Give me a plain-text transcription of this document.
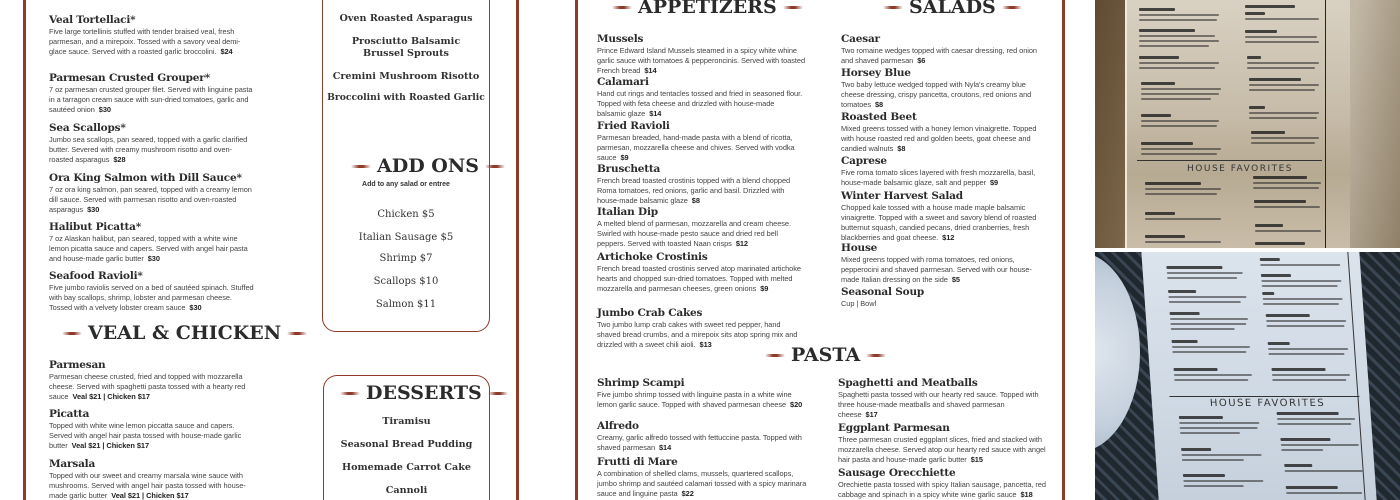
Veal Tortellaci*
Five large tortellinis stuffed with tender braised veal, fresh parmesan, and a mirepoix. Tossed with a savory veal demi-glace sauce. Served with a roasted garlic broccolini. $24
Parmesan Crusted Grouper*
7 oz parmesan crusted grouper filet. Served with linguine pasta in a tarragon cream sauce with sun-dried tomatoes, garlic and sautéed onion $30
Sea Scallops*
Jumbo sea scallops, pan seared, topped with a garlic clarified butter. Severed with creamy mushroom risotto and oven-roasted asparagus $28
Ora King Salmon with Dill Sauce*
7 oz ora king salmon, pan seared, topped with a creamy lemon dill sauce. Served with parmesan risotto and oven-roasted asparagus $30
Halibut Picatta*
7 oz Alaskan halibut, pan seared, topped with a white wine lemon picatta sauce and capers. Served with angel hair pasta and house-made garlic butter $30
Seafood Ravioli*
Five jumbo raviolis served on a bed of sautéed spinach. Stuffed with bay scallops, shrimp, lobster and parmesan cheese. Tossed with a velvety lobster cream sauce $30
VEAL & CHICKEN
Parmesan
Parmesan cheese crusted, fried and topped with mozzarella cheese. Served with spaghetti pasta tossed with a hearty red sauce Veal $21 | Chicken $17
Picatta
Topped with white wine lemon piccatta sauce and capers. Served with angel hair pasta tossed with house-made garlic butter Veal $21 | Chicken $17
Marsala
Topped with our sweet and creamy marsala wine sauce with mushrooms. Served with angel hair pasta tossed with house-made garlic butter Veal $21 | Chicken $17
Oven Roasted Asparagus
Prosciutto Balsamic Brussel Sprouts
Cremini Mushroom Risotto
Broccolini with Roasted Garlic
ADD ONS
Add to any salad or entree
Chicken $5
Italian Sausage $5
Shrimp $7
Scallops $10
Salmon $11
DESSERTS
Tiramisu
Seasonal Bread Pudding
Homemade Carrot Cake
Cannoli
APPETIZERS
Mussels
Prince Edward Island Mussels steamed in a spicy white whine garlic sauce with tomatoes & pepperoncinis. Served with toasted French bread $14
Calamari
Hand cut rings and tentacles tossed and fried in seasoned flour. Topped with feta cheese and drizzled with house-made balsamic glaze $14
Fried Ravioli
Parmesan breaded, hand-made pasta with a blend of ricotta, parmesan, mozzarella cheese and chives. Served with vodka sauce $9
Bruschetta
French bread toasted crostinis topped with a blend chopped Roma tomatoes, red onions, garlic and basil. Drizzled with house-made balsamic glaze $8
Italian Dip
A melted blend of parmesan, mozzarella and cream cheese. Swirled with house-made pesto sauce and dried red bell peppers. Served with toasted Naan crisps $12
Artichoke Crostinis
French bread toasted crostinis served atop marinated artichoke hearts and chopped sun-dried tomatoes. Topped with melted mozzarella and parmesan cheeses, green onions $9
Jumbo Crab Cakes
Two jumbo lump crab cakes with sweet red pepper, hand shaved bread crumbs, and a mirepoix sits atop spring mix and drizzled with a sweet chili aioli. $13
SALADS
Caesar
Two romaine wedges topped with caesar dressing, red onion and shaved parmesan $6
Horsey Blue
Two baby lettuce wedged topped with Nyla's creamy blue cheese dressing, crispy pancetta, croutons, red onions and tomatoes $8
Roasted Beet
Mixed greens tossed with a honey lemon vinaigrette. Topped with house roasted red and golden beets, goat cheese and candied walnuts $8
Caprese
Five roma tomato slices layered with fresh mozzarella, basil, house-made balsamic glaze, salt and pepper $9
Winter Harvest Salad
Chopped kale tossed with a house made maple balsamic vinaigrette. Topped with a sweet and savory blend of roasted butternut squash, candied pecans, dried cranberries, fresh blackberries and goat cheese. $12
House
Mixed greens topped with roma tomatoes, red onions, pepperocini and shaved parmesan. Served with our house-made Italian dressing on the side $5
Seasonal Soup
Cup | Bowl
PASTA
Shrimp Scampi
Five jumbo shrimp tossed with linguine pasta in a white wine lemon garlic sauce. Topped with shaved parmesan cheese $20
Alfredo
Creamy, garlic alfredo tossed with fettuccine pasta. Topped with shaved parmesan $14
Frutti di Mare
A combination of shelled clams, mussels, quartered scallops, jumbo shrimp and sautéed calamari tossed with a spicy marinara sauce and linguine pasta $22
Spaghetti and Meatballs
Spaghetti pasta tossed with our hearty red sauce. Topped with three house-made meatballs and shaved parmesan cheese $17
Eggplant Parmesan
Three parmesan crusted eggplant slices, fried and stacked with mozzarella cheese. Served atop our hearty red sauce with angel hair pasta and house-made garlic butter $15
Sausage Orecchiette
Orechiette pasta tossed with spicy Italian sausage, pancetta, red cabbage and spinach in a spicy white wine garlic sauce $18
HOUSE FAVORITES
HOUSE FAVORITES
